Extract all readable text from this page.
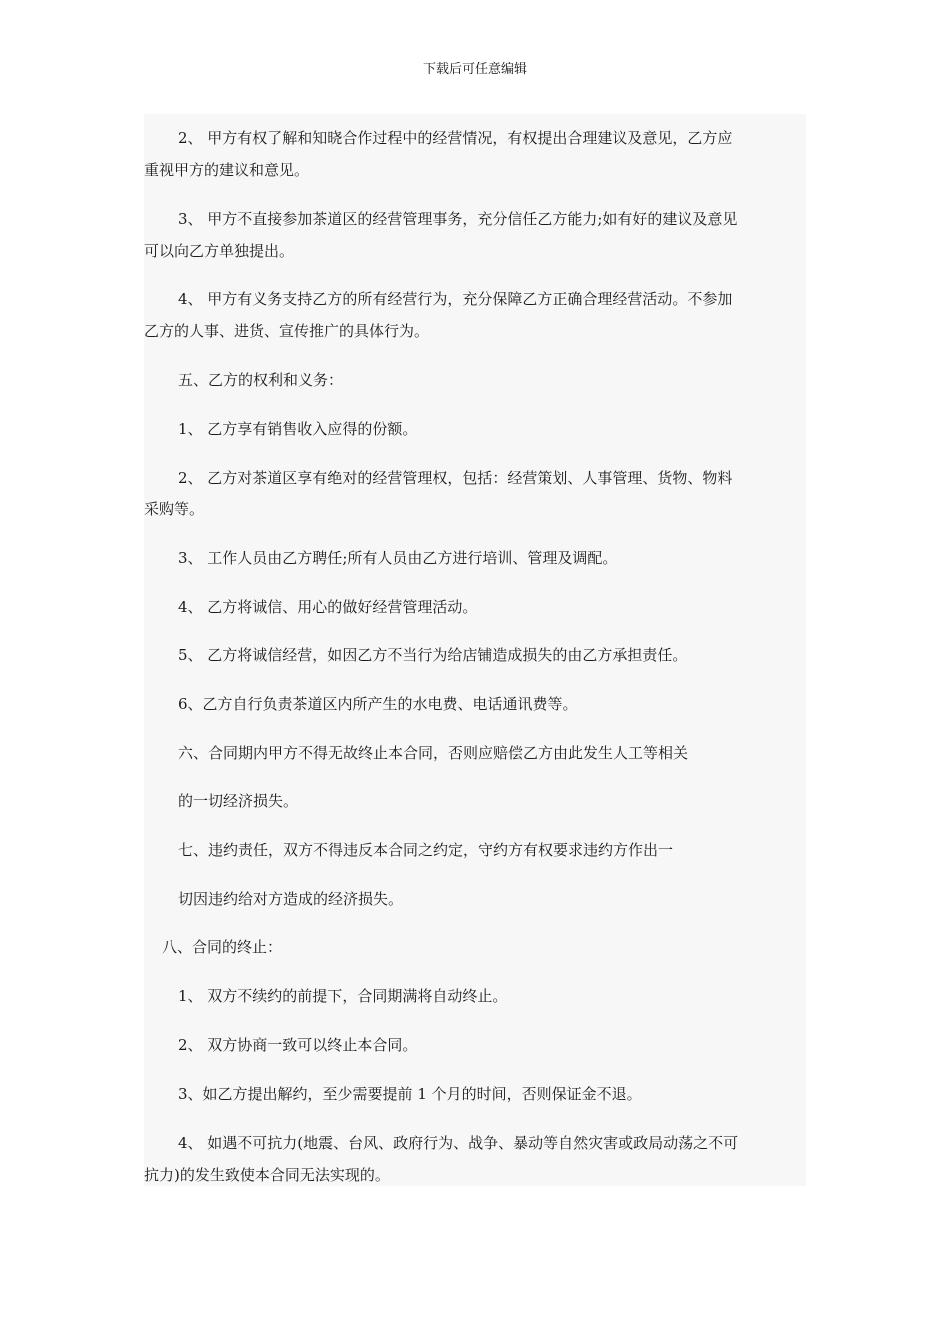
下载后可任意编辑
2、 甲方有权了解和知晓合作过程中的经营情况，有权提出合理建议及意见，乙方应
重视甲方的建议和意见。
3、 甲方不直接参加茶道区的经营管理事务，充分信任乙方能力;如有好的建议及意见
可以向乙方单独提出。
4、 甲方有义务支持乙方的所有经营行为，充分保障乙方正确合理经营活动。不参加
乙方的人事、进货、宣传推广的具体行为。
五、乙方的权利和义务：
1、 乙方享有销售收入应得的份额。
2、 乙方对茶道区享有绝对的经营管理权，包括：经营策划、人事管理、货物、物料
采购等。
3、 工作人员由乙方聘任;所有人员由乙方进行培训、管理及调配。
4、 乙方将诚信、用心的做好经营管理活动。
5、 乙方将诚信经营，如因乙方不当行为给店铺造成损失的由乙方承担责任。
6、乙方自行负责茶道区内所产生的水电费、电话通讯费等。
六、合同期内甲方不得无故终止本合同，否则应赔偿乙方由此发生人工等相关
的一切经济损失。
七、违约责任，双方不得违反本合同之约定，守约方有权要求违约方作出一
切因违约给对方造成的经济损失。
八、合同的终止：
1、 双方不续约的前提下，合同期满将自动终止。
2、 双方协商一致可以终止本合同。
3、如乙方提出解约，至少需要提前 1 个月的时间，否则保证金不退。
4、 如遇不可抗力(地震、台风、政府行为、战争、暴动等自然灾害或政局动荡之不可
抗力)的发生致使本合同无法实现的。
